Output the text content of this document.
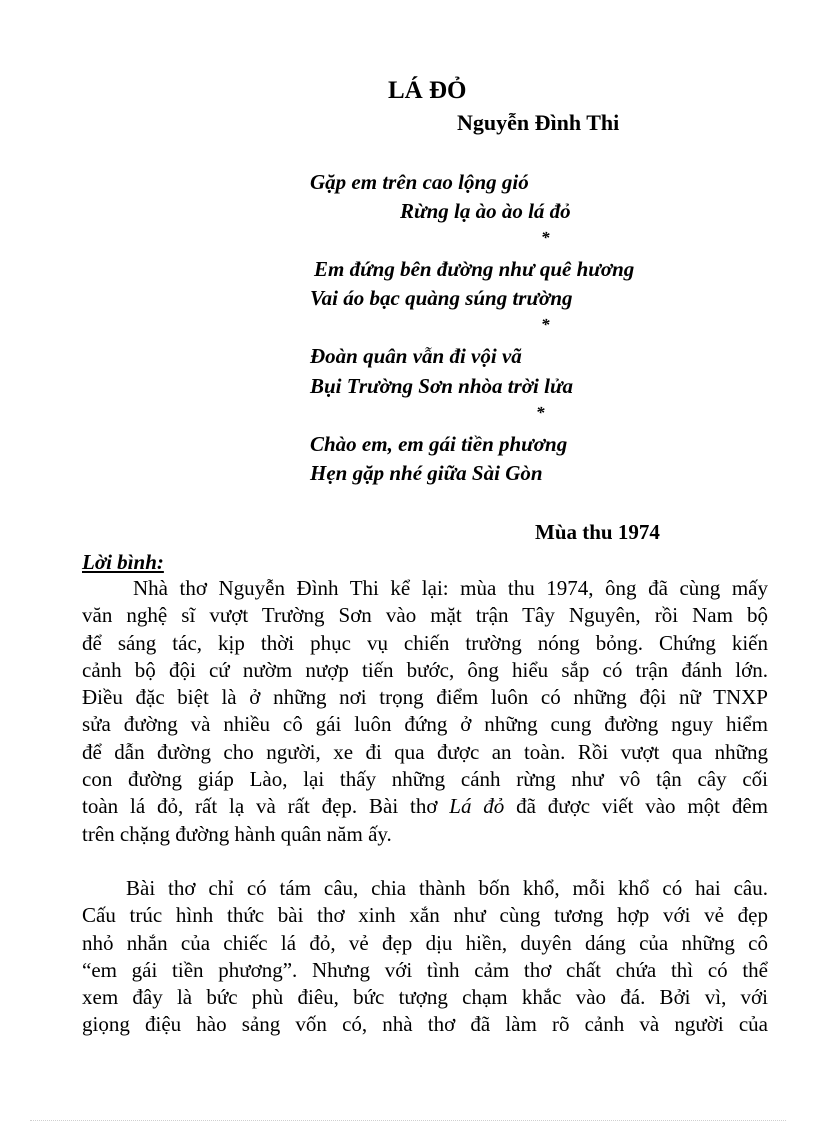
LÁ ĐỎ
Nguyễn Đình Thi
Gặp em trên cao lộng gió
Rừng lạ ào ào lá đỏ
*
Em đứng bên đường như quê hương
Vai áo bạc quàng súng trường
*
Đoàn quân vẫn đi vội vã
Bụi Trường Sơn nhòa trời lửa
*
Chào em, em gái tiền phương
Hẹn gặp nhé giữa Sài Gòn
Mùa thu 1974
Lời bình:
Nhà thơ Nguyễn Đình Thi kể lại: mùa thu 1974, ông đã cùng mấy
văn nghệ sĩ vượt Trường Sơn vào mặt trận Tây Nguyên, rồi Nam bộ
để sáng tác, kịp thời phục vụ chiến trường nóng bỏng. Chứng kiến
cảnh bộ đội cứ nườm nượp tiến bước, ông hiểu sắp có trận đánh lớn.
Điều đặc biệt là ở những nơi trọng điểm luôn có những đội nữ TNXP
sửa đường và nhiều cô gái luôn đứng ở những cung đường nguy hiểm
để dẫn đường cho người, xe đi qua được an toàn. Rồi vượt qua những
con đường giáp Lào, lại thấy những cánh rừng như vô tận cây cối
toàn lá đỏ, rất lạ và rất đẹp. Bài thơ Lá đỏ đã được viết vào một đêm
trên chặng đường hành quân năm ấy.
Bài thơ chỉ có tám câu, chia thành bốn khổ, mỗi khổ có hai câu.
Cấu trúc hình thức bài thơ xinh xắn như cùng tương hợp với vẻ đẹp
nhỏ nhắn của chiếc lá đỏ, vẻ đẹp dịu hiền, duyên dáng của những cô
“em gái tiền phương”. Nhưng với tình cảm thơ chất chứa thì có thể
xem đây là bức phù điêu, bức tượng chạm khắc vào đá. Bởi vì, với
giọng điệu hào sảng vốn có, nhà thơ đã làm rõ cảnh và người của
